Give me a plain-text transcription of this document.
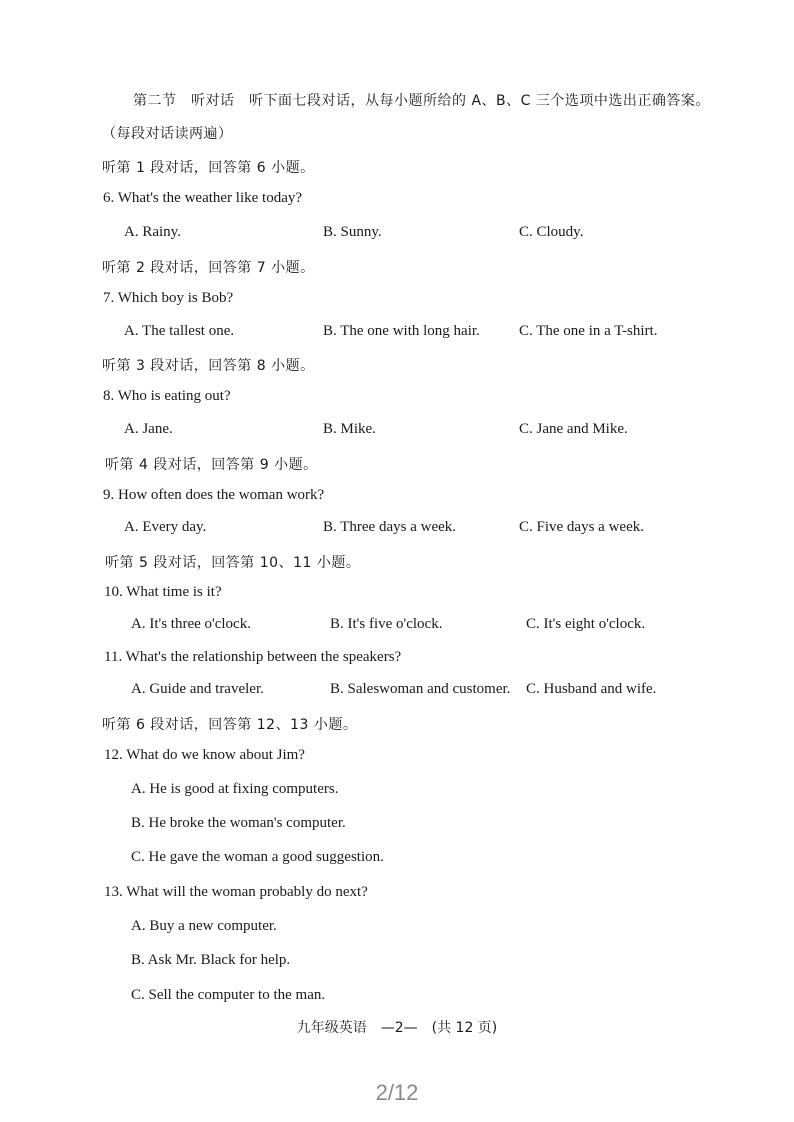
第二节　听对话　听下面七段对话，从每小题所给的 A、B、C 三个选项中选出正确答案。
（每段对话读两遍）
听第 1 段对话，回答第 6 小题。
6. What's the weather like today?
A. Rainy.	B. Sunny.	C. Cloudy.
听第 2 段对话，回答第 7 小题。
7. Which boy is Bob?
A. The tallest one.	B. The one with long hair.	C. The one in a T-shirt.
听第 3 段对话，回答第 8 小题。
8. Who is eating out?
A. Jane.	B. Mike.	C. Jane and Mike.
听第 4 段对话，回答第 9 小题。
9. How often does the woman work?
A. Every day.	B. Three days a week.	C. Five days a week.
听第 5 段对话，回答第 10、11 小题。
10. What time is it?
A. It's three o'clock.	B. It's five o'clock.	C. It's eight o'clock.
11. What's the relationship between the speakers?
A. Guide and traveler.	B. Saleswoman and customer. C. Husband and wife.
听第 6 段对话，回答第 12、13 小题。
12. What do we know about Jim?
A. He is good at fixing computers.
B. He broke the woman's computer.
C. He gave the woman a good suggestion.
13. What will the woman probably do next?
A. Buy a new computer.
B. Ask Mr. Black for help.
C. Sell the computer to the man.
九年级英语　—2—　(共 12 页)
2/12
